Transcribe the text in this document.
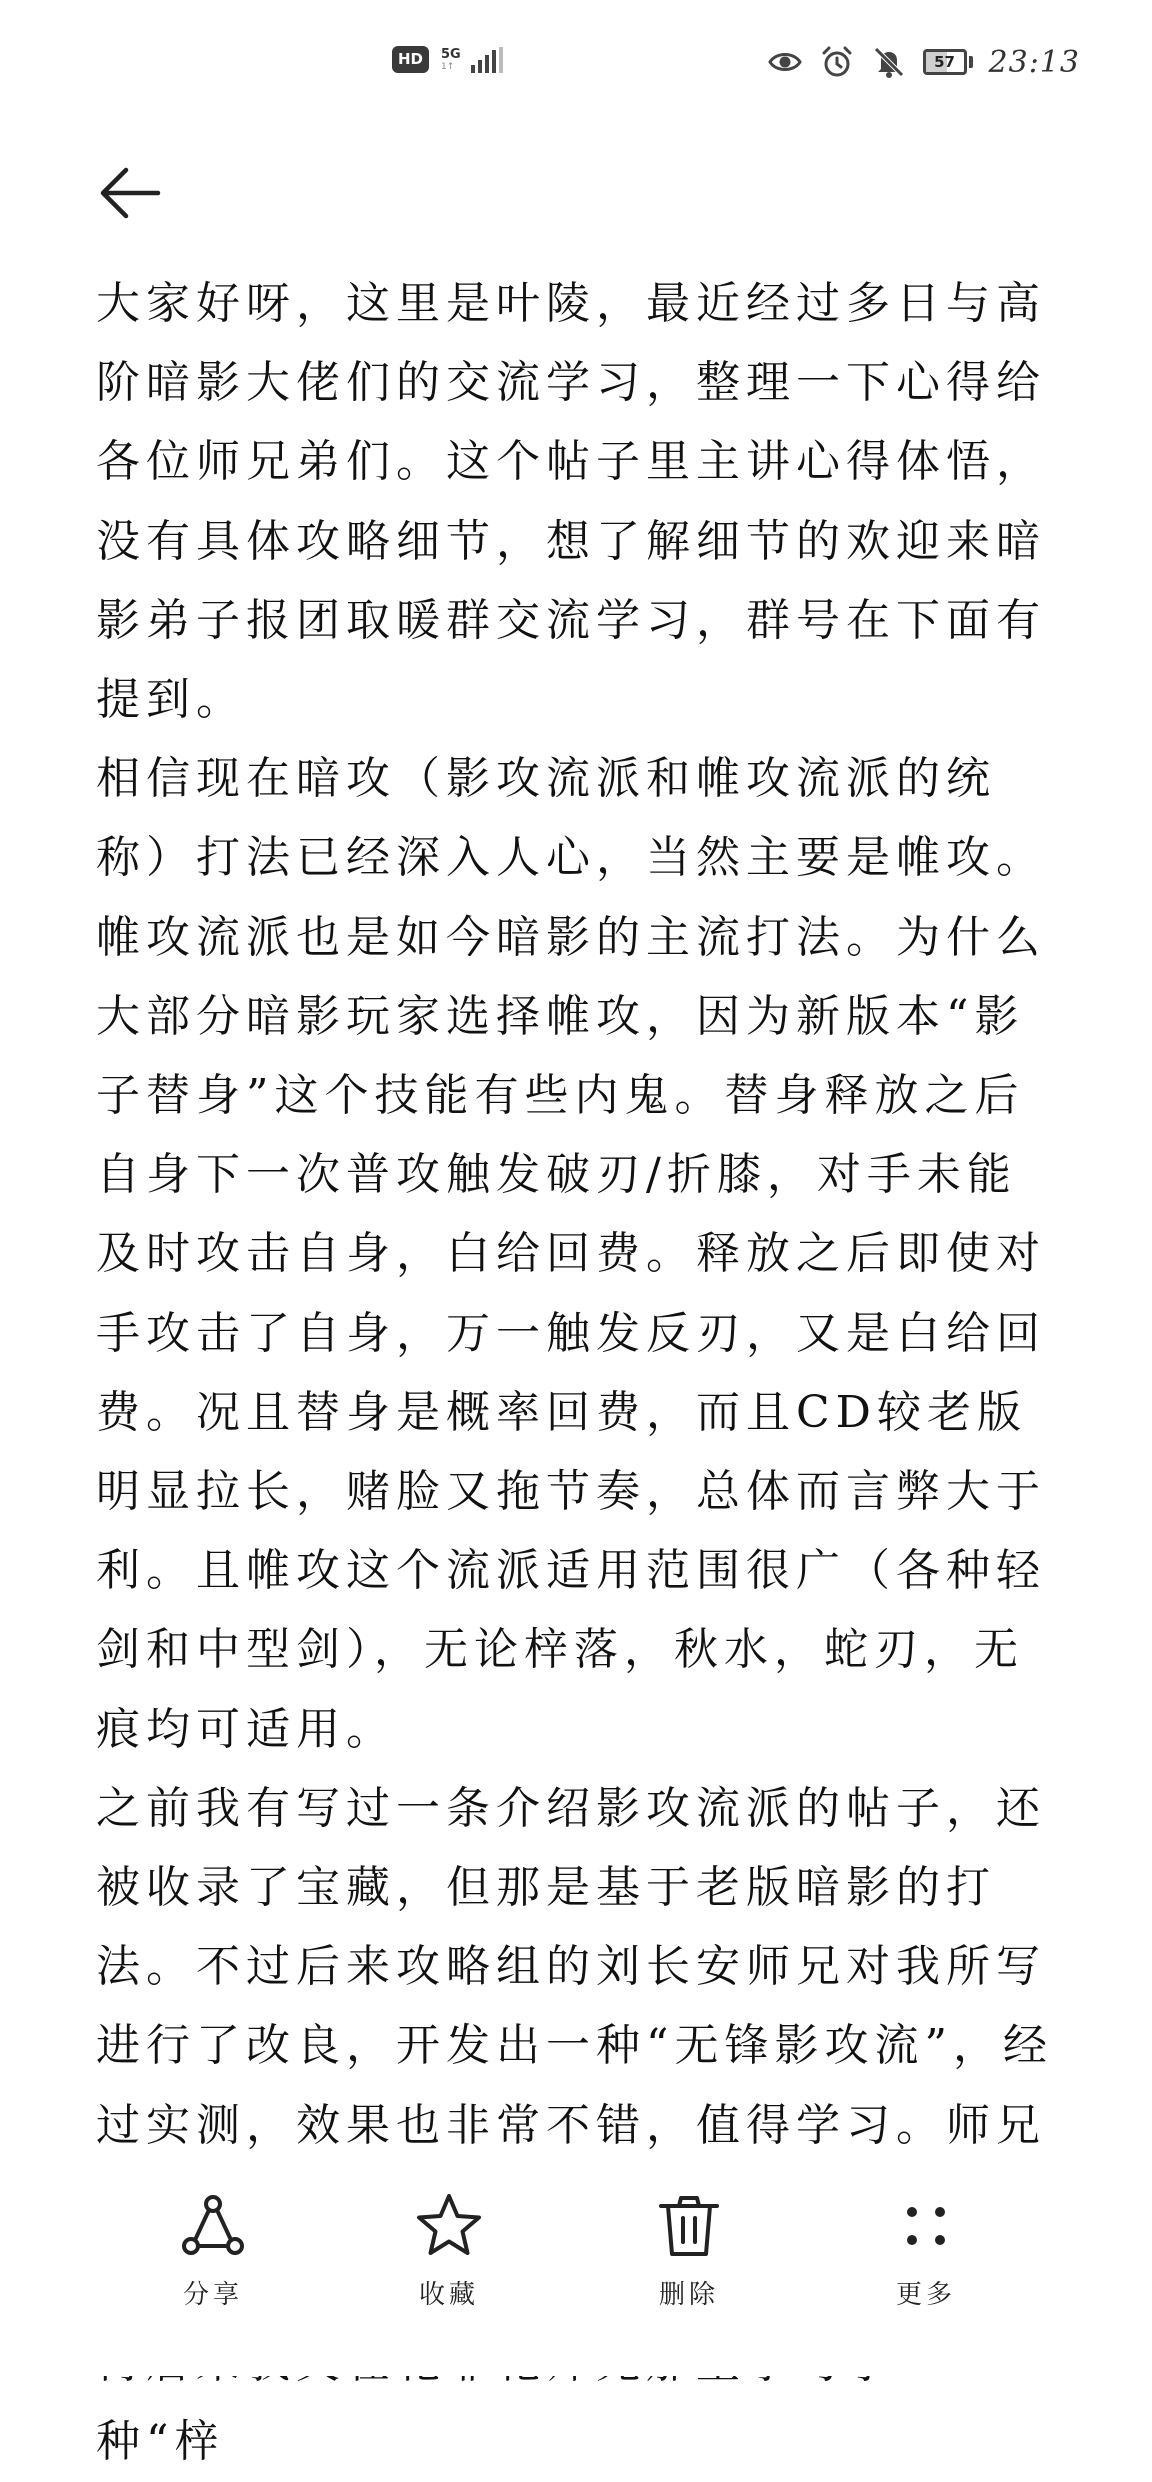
HD	5G
1↑	57 23:13

大家好呀，这里是叶陵，最近经过多日与高阶暗影大佬们的交流学习，整理一下心得给各位师兄弟们。这个帖子里主讲心得体悟，没有具体攻略细节，想了解细节的欢迎来暗影弟子报团取暖群交流学习，群号在下面有提到。

相信现在暗攻（影攻流派和帷攻流派的统称）打法已经深入人心，当然主要是帷攻。帷攻流派也是如今暗影的主流打法。为什么大部分暗影玩家选择帷攻，因为新版本“影子替身”这个技能有些内鬼。替身释放之后自身下一次普攻触发破刃/折膝，对手未能及时攻击自身，白给回费。释放之后即使对手攻击了自身，万一触发反刃，又是白给回费。况且替身是概率回费，而且CD较老版明显拉长，赌脸又拖节奏，总体而言弊大于利。且帷攻这个流派适用范围很广（各种轻剑和中型剑），无论梓落，秋水，蛇刃，无痕均可适用。

之前我有写过一条介绍影攻流派的帖子，还被收录了宝藏，但那是基于老版暗影的打法。不过后来攻略组的刘长安师兄对我所写进行了改良，开发出一种“无锋影攻流”，经过实测，效果也非常不错，值得学习。师兄

种“梓

分享	收藏	删除	更多
